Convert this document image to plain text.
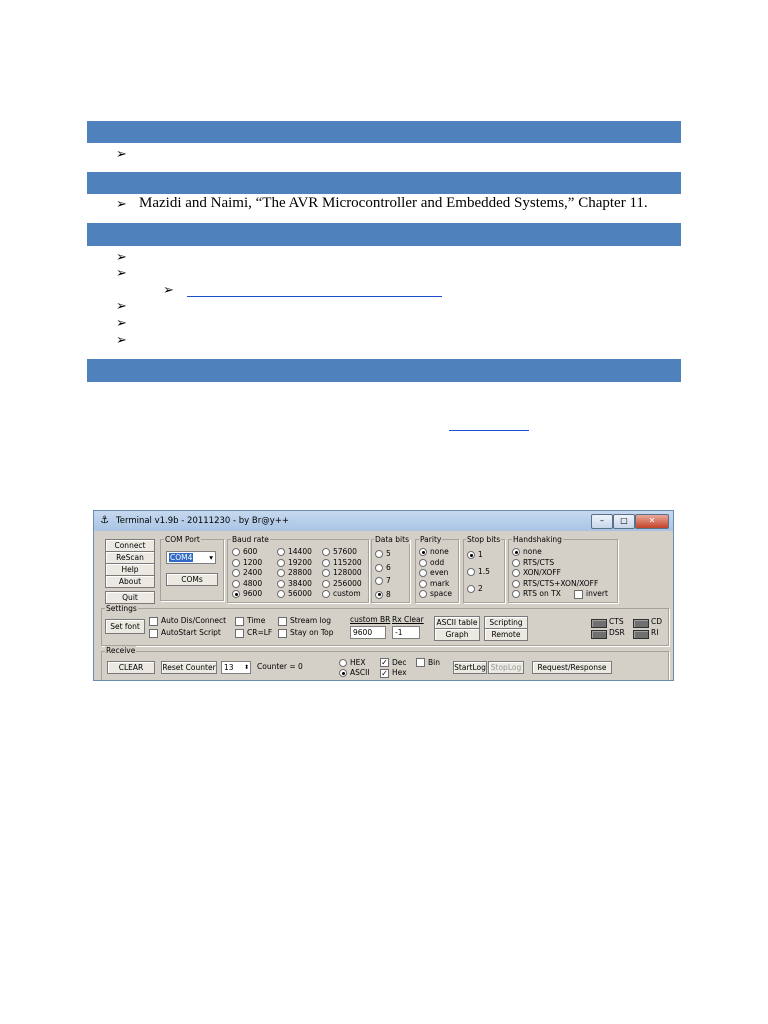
➢
➢ Mazidi and Naimi, “The AVR Microcontroller and Embedded Systems,” Chapter 11.
➢
➢
➢
➢
➢
➢
⚓ Terminal v1.9b - 20111230 - by Br@y++	–	□	✕
Connect
ReScan
Help
About
Quit
COM Port
COM4 ▾
COMs
Baud rate	Data bits Parity	Stop bits Handshaking
Settings
Set font
Auto Dis/Connect
AutoStart Script
Time
CR=LF
Stream log
Stay on Top
custom BR
9600
Rx Clear
-1
ASCII table	Scripting
Graph	Remote
CTS
DSR
CD
RI
Receive
CLEAR	Reset Counter	13 ⬍ Counter = 0	HEX
ASCII
✓ Dec
✓ Hex
Bin
StartLog StopLog	Request/Response
600
1200
2400
4800
9600
14400
19200
28800
38400
56000
57600
115200
128000
256000
custom
5
6
7
8
none
odd
even
mark
space
1
1.5
2
none
RTS/CTS
XON/XOFF
RTS/CTS+XON/XOFF
RTS on TX	invert
